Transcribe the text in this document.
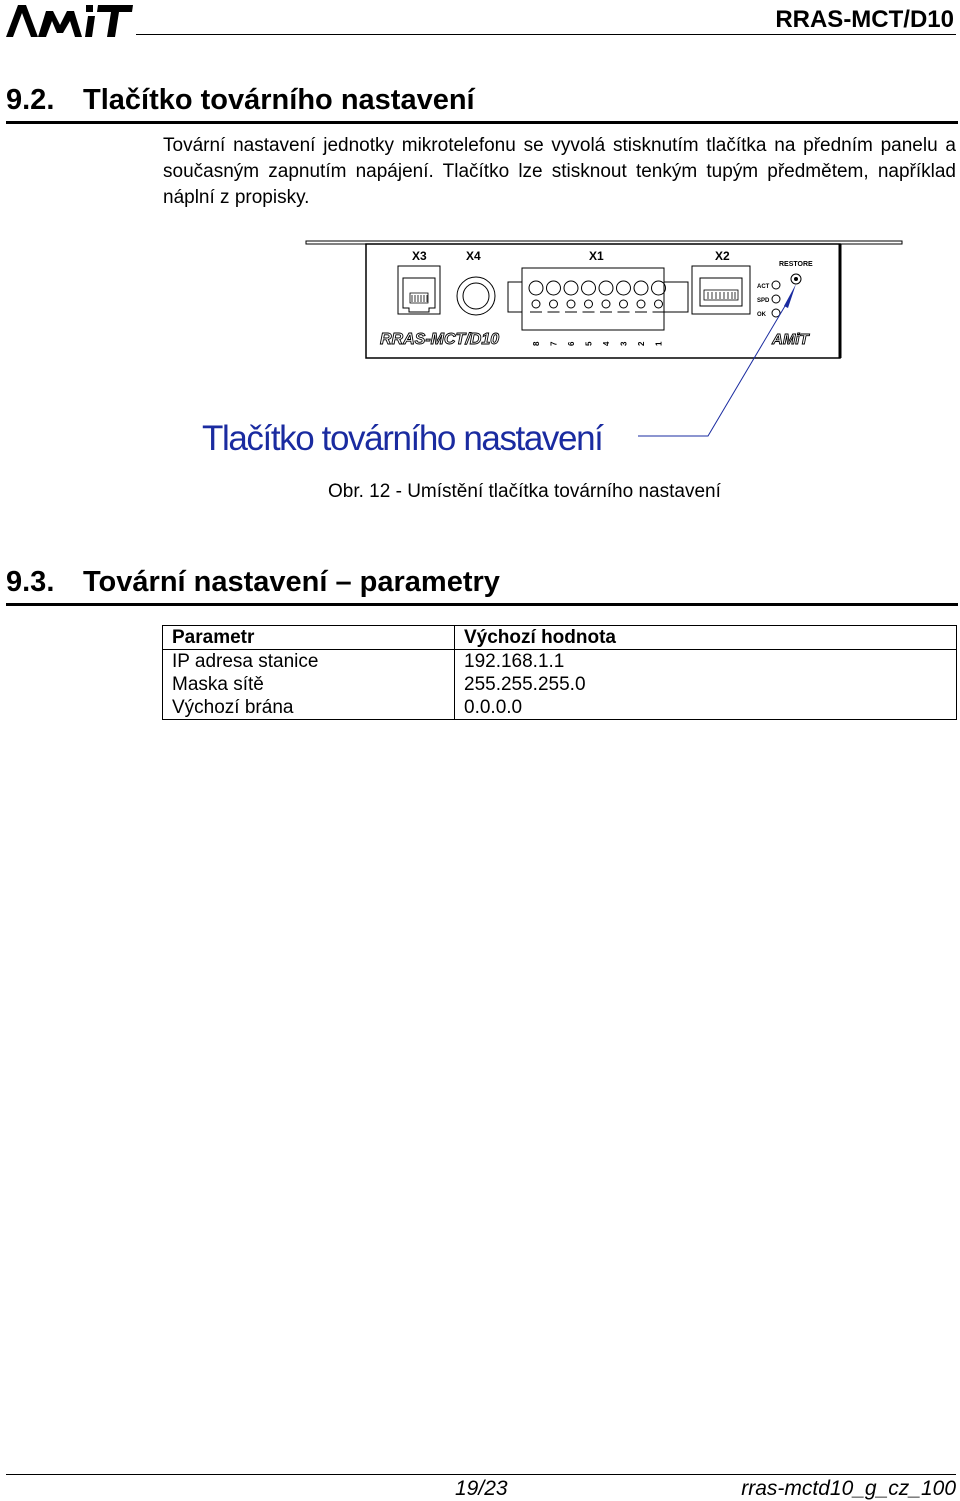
RRAS-MCT/D10
9.2. Tlačítko továrního nastavení

Tovární nastavení jednotky mikrotelefonu se vyvolá stisknutím tlačítka na předním panelu a současným zapnutím napájení. Tlačítko lze stisknout tenkým tupým předmětem, například náplní z propisky.

X3	X4	X1	X2
RESTORE
8 7 6 5 4 3 2 1
ACT
SPD
OK
RRAS-MCT/D10	AMiT
Tlačítko továrního nastavení
Obr. 12 - Umístění tlačítka továrního nastavení
9.3. Tovární nastavení – parametry
Parametr	Výchozí hodnota
IP adresa stanice	192.168.1.1
Maska sítě	255.255.255.0
Výchozí brána	0.0.0.0
19/23	rras-mctd10_g_cz_100
